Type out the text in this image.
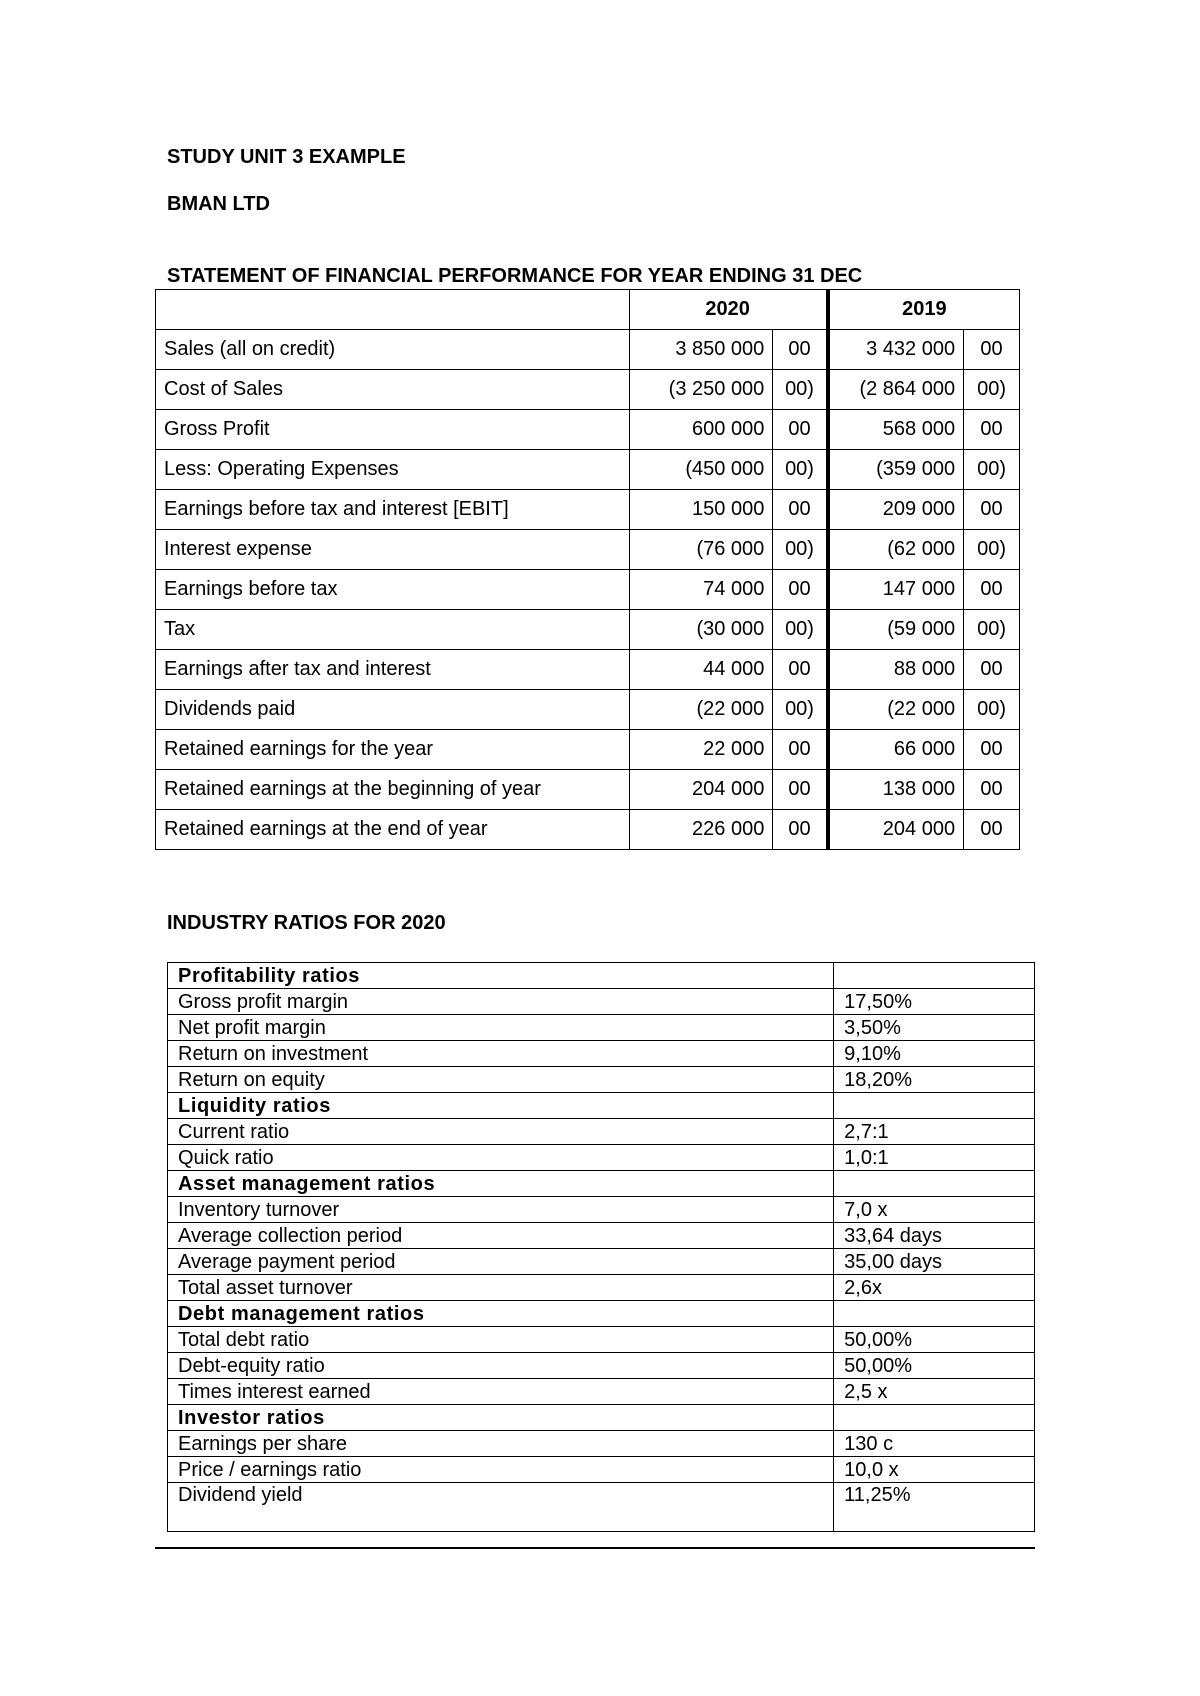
STUDY UNIT 3 EXAMPLE
BMAN LTD
STATEMENT OF FINANCIAL PERFORMANCE FOR YEAR ENDING 31 DEC
	2020		2019	
Sales (all on credit)	3 850 000	00	3 432 000	00
Cost of Sales	(3 250 000	00)	(2 864 000	00)
Gross Profit	600 000	00	568 000	00
Less: Operating Expenses	(450 000	00)	(359 000	00)
Earnings before tax and interest [EBIT]	150 000	00	209 000	00
Interest expense	(76 000	00)	(62 000	00)
Earnings before tax	74 000	00	147 000	00
Tax	(30 000	00)	(59 000	00)
Earnings after tax and interest	44 000	00	88 000	00
Dividends paid	(22 000	00)	(22 000	00)
Retained earnings for the year	22 000	00	66 000	00
Retained earnings at the beginning of year	204 000	00	138 000	00
Retained earnings at the end of year	226 000	00	204 000	00
INDUSTRY RATIOS FOR 2020
Profitability ratios	
Gross profit margin	17,50%
Net profit margin	3,50%
Return on investment	9,10%
Return on equity	18,20%
Liquidity ratios	
Current ratio	2,7:1
Quick ratio	1,0:1
Asset management ratios	
Inventory turnover	7,0 x
Average collection period	33,64 days
Average payment period	35,00 days
Total asset turnover	2,6x
Debt management ratios	
Total debt ratio	50,00%
Debt-equity ratio	50,00%
Times interest earned	2,5 x
Investor ratios	
Earnings per share	130 c
Price / earnings ratio	10,0 x
Dividend yield	11,25%
